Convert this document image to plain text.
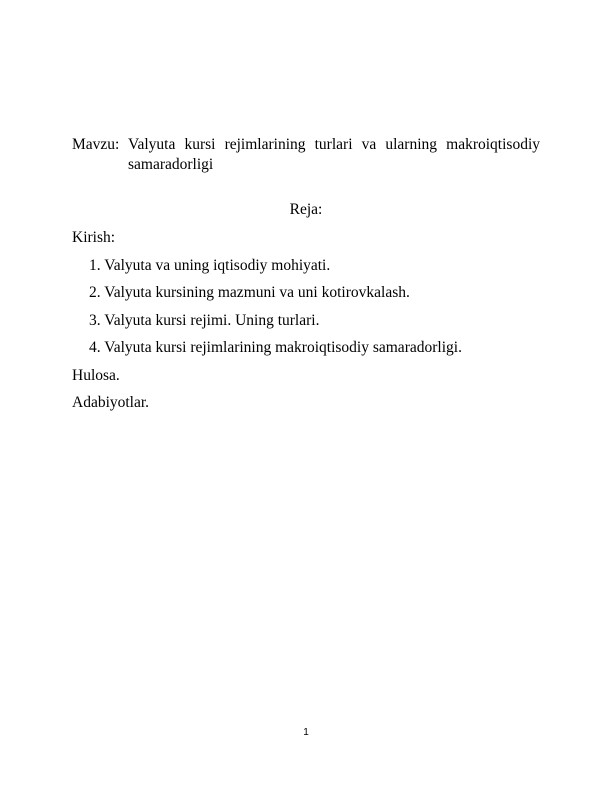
Mavzu: Valyuta kursi rejimlarining turlari va ularning makroiqtisodiy
samaradorligi
Reja:
Kirish:
1. Valyuta va uning iqtisodiy mohiyati.
2. Valyuta kursining mazmuni va uni kotirovkalash.
3. Valyuta kursi rejimi. Uning turlari.
4. Valyuta kursi rejimlarining makroiqtisodiy samaradorligi.
Hulosa.
Adabiyotlar.
1
